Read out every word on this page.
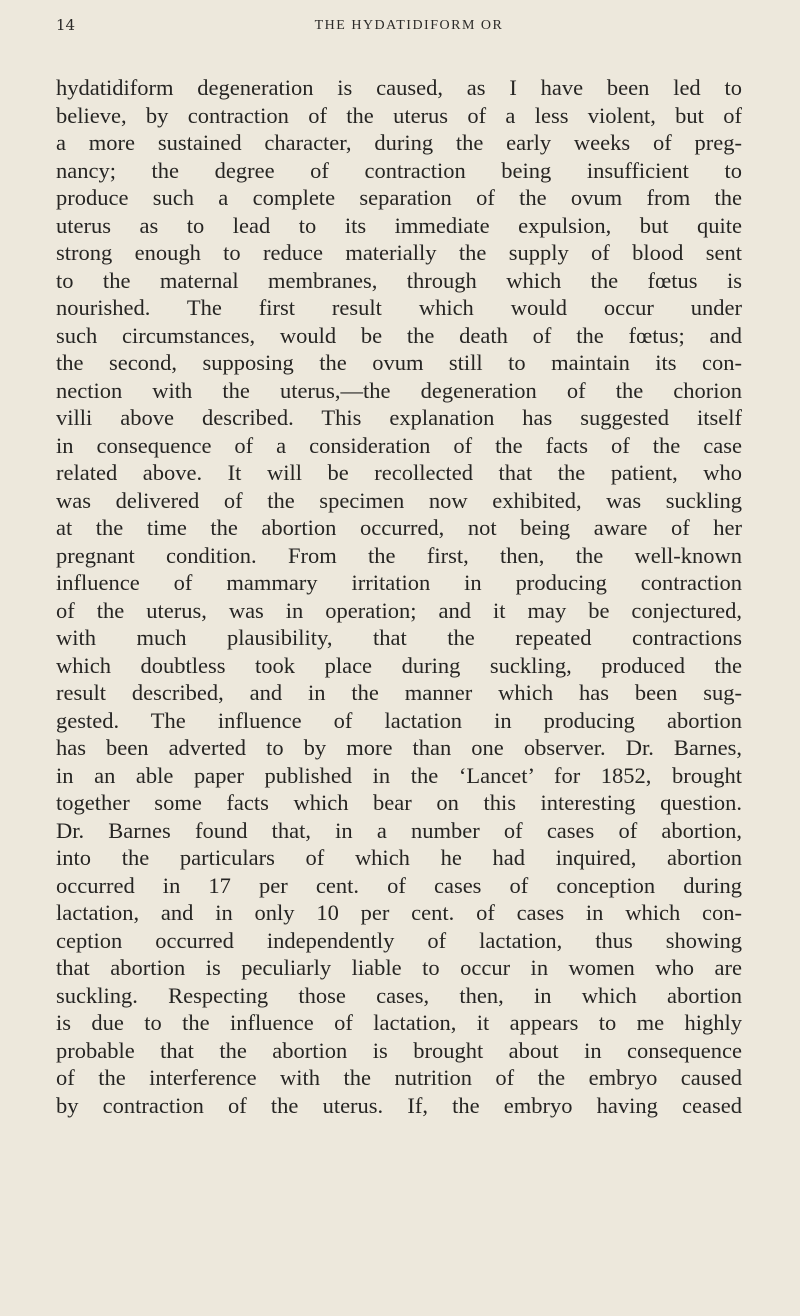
14	THE HYDATIDIFORM OR
hydatidiform degeneration is caused, as I have been led to
believe, by contraction of the uterus of a less violent, but of
a more sustained character, during the early weeks of preg-
nancy; the degree of contraction being insufficient to
produce such a complete separation of the ovum from the
uterus as to lead to its immediate expulsion, but quite
strong enough to reduce materially the supply of blood sent
to the maternal membranes, through which the fœtus is
nourished. The first result which would occur under
such circumstances, would be the death of the fœtus; and
the second, supposing the ovum still to maintain its con-
nection with the uterus,—the degeneration of the chorion
villi above described. This explanation has suggested itself
in consequence of a consideration of the facts of the case
related above. It will be recollected that the patient, who
was delivered of the specimen now exhibited, was suckling
at the time the abortion occurred, not being aware of her
pregnant condition. From the first, then, the well-known
influence of mammary irritation in producing contraction
of the uterus, was in operation; and it may be conjectured,
with much plausibility, that the repeated contractions
which doubtless took place during suckling, produced the
result described, and in the manner which has been sug-
gested. The influence of lactation in producing abortion
has been adverted to by more than one observer. Dr. Barnes,
in an able paper published in the ‘Lancet’ for 1852, brought
together some facts which bear on this interesting question.
Dr. Barnes found that, in a number of cases of abortion,
into the particulars of which he had inquired, abortion
occurred in 17 per cent. of cases of conception during
lactation, and in only 10 per cent. of cases in which con-
ception occurred independently of lactation, thus showing
that abortion is peculiarly liable to occur in women who are
suckling. Respecting those cases, then, in which abortion
is due to the influence of lactation, it appears to me highly
probable that the abortion is brought about in consequence
of the interference with the nutrition of the embryo caused
by contraction of the uterus. If, the embryo having ceased
